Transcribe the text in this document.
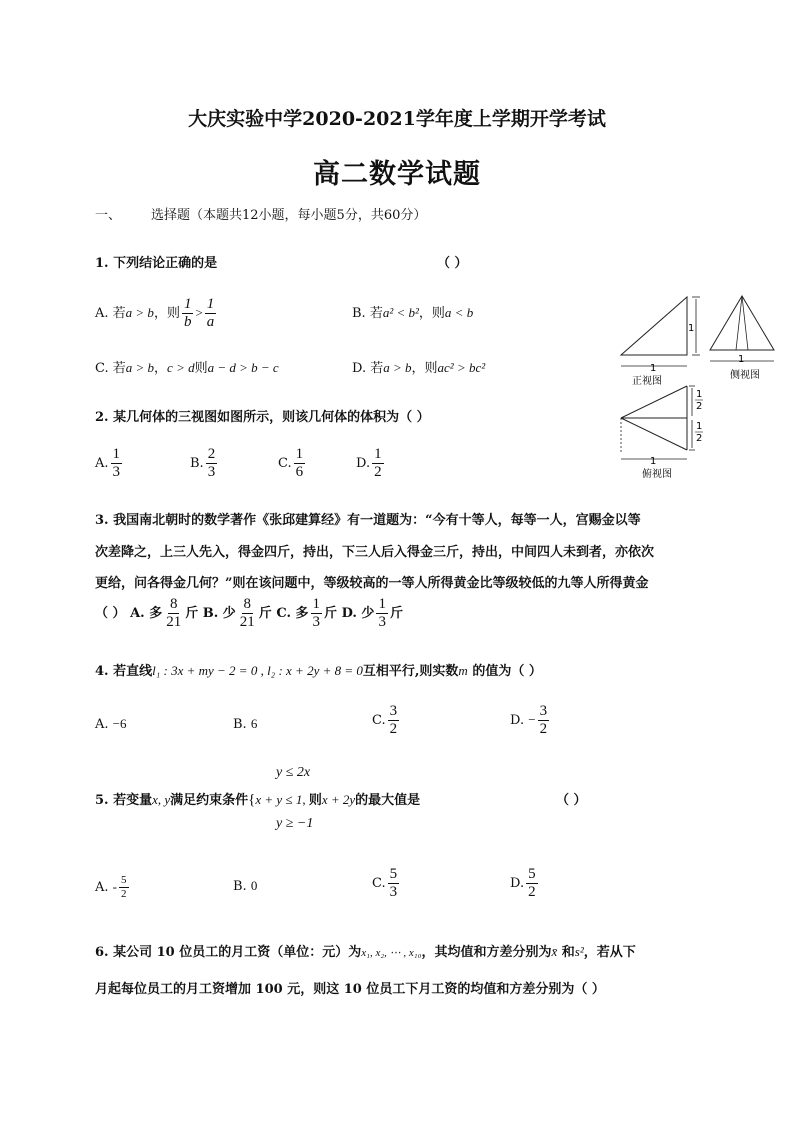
大庆实验中学2020-2021学年度上学期开学考试
高二数学试题
一、 选择题（本题共12小题，每小题5分，共60分）
1. 下列结论正确的是	（ ）
A. 若a > b，则 $\frac{1}{b} > \frac{1}{a}$	B. 若a² < b²，则a < b
C. 若a > b，c > d则a − d > b − c	D. 若a > b，则ac² > bc²
1
1
正视图
1
侧视图
1
2
1
2
1
俯视图
2. 某几何体的三视图如图所示，则该几何体的体积为（ ）
A. $\frac{1}{3}$	B. $\frac{2}{3}$	C. $\frac{1}{6}$	D. $\frac{1}{2}$
3. 我国南北朝时的数学著作《张邱建算经》有一道题为：“今有十等人，每等一人，宫赐金以等
次差降之，上三人先入，得金四斤，持出，下三人后入得金三斤，持出，中间四人未到者，亦依次
更给，问各得金几何？”则在该问题中，等级较高的一等人所得黄金比等级较低的九等人所得黄金
（ ） A. 多 $\frac{8}{21}$ 斤 B. 少 $\frac{8}{21}$ 斤 C. 多 $\frac{1}{3}$ 斤 D. 少 $\frac{1}{3}$ 斤
4. 若直线l₁ : 3x + my − 2 = 0 , l₂ : x + 2y + 8 = 0互相平行,则实数m 的值为（ ）
A. −6	B. 6	C. $\frac{3}{2}$	D. − $\frac{3}{2}$
y ≤ 2x
5. 若变量x, y满足约束条件{x + y ≤ 1, 则x + 2y的最大值是	（ ）
y ≥ −1
A. - $\frac{5}{2}$	B. 0	C. $\frac{5}{3}$	D. $\frac{5}{2}$
6. 某公司 10 位员工的月工资（单位：元）为x₁, x₂, ⋯ , x₁₀，其均值和方差分别为x̄ 和s²，若从下
月起每位员工的月工资增加 100 元，则这 10 位员工下月工资的均值和方差分别为（ ）
